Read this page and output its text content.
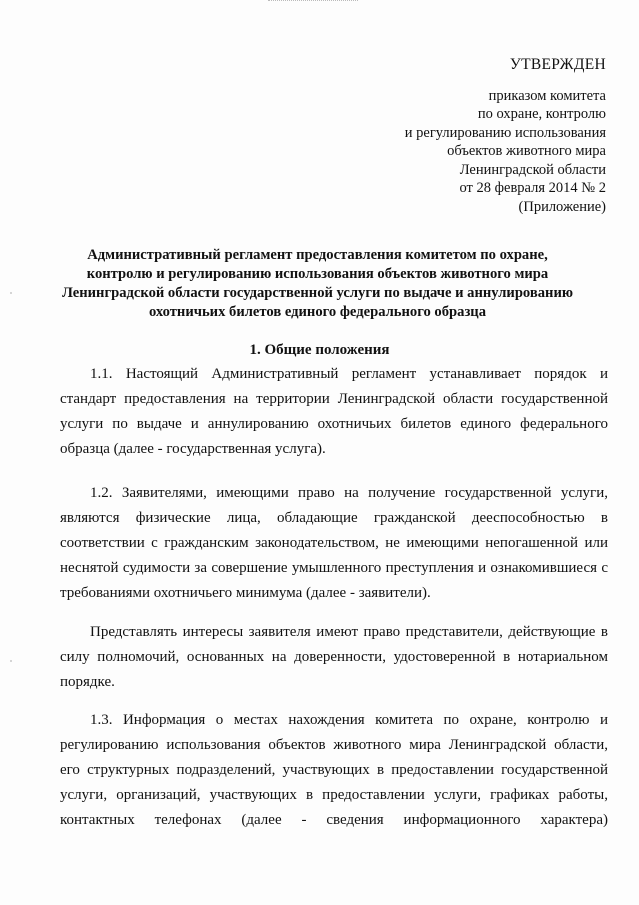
УТВЕРЖДЕН
приказом комитета
по охране, контролю
и регулированию использования
объектов животного мира
Ленинградской области
от 28 февраля 2014 № 2
(Приложение)
Административный регламент предоставления комитетом по охране,
контролю и регулированию использования объектов животного мира
Ленинградской области государственной услуги по выдаче и аннулированию
охотничьих билетов единого федерального образца
1. Общие положения
1.1. Настоящий Административный регламент устанавливает порядок и
стандарт предоставления на территории Ленинградской области государственной
услуги по выдаче и аннулированию охотничьих билетов единого федерального
образца (далее - государственная услуга).
1.2. Заявителями, имеющими право на получение государственной услуги,
являются физические лица, обладающие гражданской дееспособностью в
соответствии с гражданским законодательством, не имеющими непогашенной или
неснятой судимости за совершение умышленного преступления и ознакомившиеся с
требованиями охотничьего минимума (далее - заявители).
Представлять интересы заявителя имеют право представители, действующие в
силу полномочий, основанных на доверенности, удостоверенной в нотариальном
порядке.
1.3. Информация о местах нахождения комитета по охране, контролю и
регулированию использования объектов животного мира Ленинградской области,
его структурных подразделений, участвующих в предоставлении государственной
услуги, организаций, участвующих в предоставлении услуги, графиках работы,
контактных телефонах (далее - сведения информационного характера)
